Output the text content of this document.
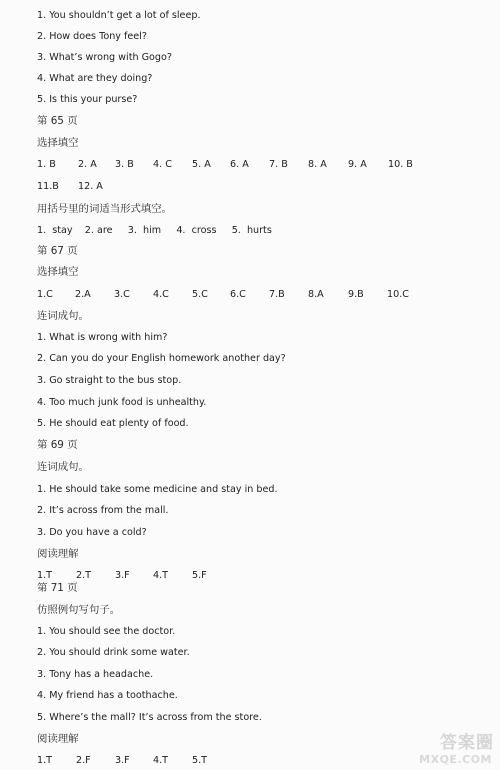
1. You shouldn’t get a lot of sleep.
2. How does Tony feel?
3. What’s wrong with Gogo?
4. What are they doing?
5. Is this your purse?
第 65 页
选择填空
1. B 2. A 3. B 4. C 5. A 6. A 7. B 8. A 9. A 10. B
11.B 12. A
用括号里的词适当形式填空。
1.  stay    2. are     3.  him     4.  cross     5.  hurts
第 67 页
选择填空
1.C 2.A 3.C 4.C 5.C 6.C 7.B 8.A	9.B 10.C
连词成句。
1. What is wrong with him?
2. Can you do your English homework another day?
3. Go straight to the bus stop.
4. Too much junk food is unhealthy.
5. He should eat plenty of food.
第 69 页
连词成句。
1. He should take some medicine and stay in bed.
2. It’s across from the mall.
3. Do you have a cold?
阅读理解
1.T 2.T 3.F 4.T 5.F
第 71 页
仿照例句写句子。
1. You should see the doctor.
2. You should drink some water.
3. Tony has a headache.
4. My friend has a toothache.
5. Where’s the mall? It’s across from the store.
阅读理解
1.T 2.F	3.F 4.T 5.T
答案圈
MXQE.COM
